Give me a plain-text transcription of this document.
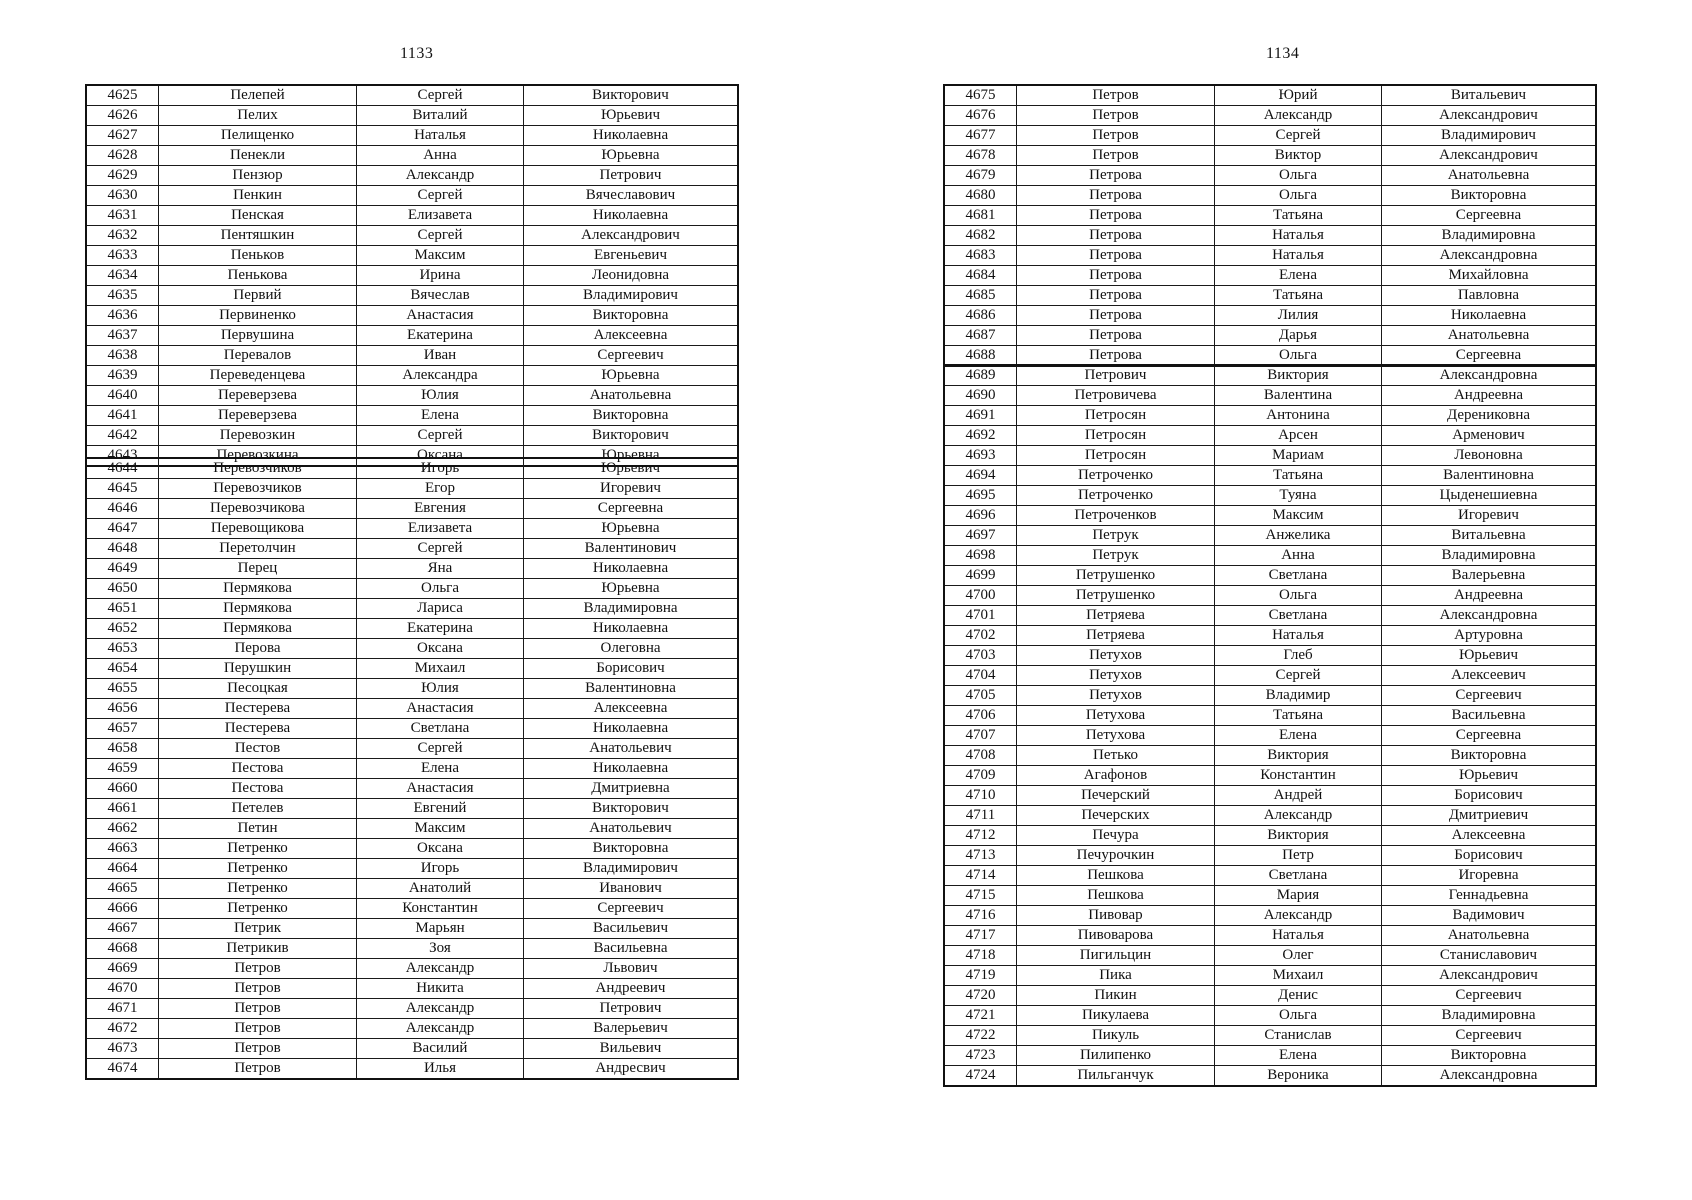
1133
4625	Пелепей	Сергей	Викторович
4626	Пелих	Виталий	Юрьевич
4627	Пелищенко	Наталья	Николаевна
4628	Пенекли	Анна	Юрьевна
4629	Пензюр	Александр	Петрович
4630	Пенкин	Сергей	Вячеславович
4631	Пенская	Елизавета	Николаевна
4632	Пентяшкин	Сергей	Александрович
4633	Пеньков	Максим	Евгеньевич
4634	Пенькова	Ирина	Леонидовна
4635	Первий	Вячеслав	Владимирович
4636	Первиненко	Анастасия	Викторовна
4637	Первушина	Екатерина	Алексеевна
4638	Перевалов	Иван	Сергеевич
4639	Переведенцева	Александра	Юрьевна
4640	Переверзева	Юлия	Анатольевна
4641	Переверзева	Елена	Викторовна
4642	Перевозкин	Сергей	Викторович
4643	Перевозкина	Оксана	Юрьевна
4644	Перевозчиков	Игорь	Юрьевич
4645	Перевозчиков	Егор	Игоревич
4646	Перевозчикова	Евгения	Сергеевна
4647	Перевощикова	Елизавета	Юрьевна
4648	Перетолчин	Сергей	Валентинович
4649	Перец	Яна	Николаевна
4650	Пермякова	Ольга	Юрьевна
4651	Пермякова	Лариса	Владимировна
4652	Пермякова	Екатерина	Николаевна
4653	Перова	Оксана	Олеговна
4654	Перушкин	Михаил	Борисович
4655	Песоцкая	Юлия	Валентиновна
4656	Пестерева	Анастасия	Алексеевна
4657	Пестерева	Светлана	Николаевна
4658	Пестов	Сергей	Анатольевич
4659	Пестова	Елена	Николаевна
4660	Пестова	Анастасия	Дмитриевна
4661	Петелев	Евгений	Викторович
4662	Петин	Максим	Анатольевич
4663	Петренко	Оксана	Викторовна
4664	Петренко	Игорь	Владимирович
4665	Петренко	Анатолий	Иванович
4666	Петренко	Константин	Сергеевич
4667	Петрик	Марьян	Васильевич
4668	Петрикив	Зоя	Васильевна
4669	Петров	Александр	Львович
4670	Петров	Никита	Андреевич
4671	Петров	Александр	Петрович
4672	Петров	Александр	Валерьевич
4673	Петров	Василий	Вильевич
4674	Петров	Илья	Андресвич
1134
4675	Петров	Юрий	Витальевич
4676	Петров	Александр	Александрович
4677	Петров	Сергей	Владимирович
4678	Петров	Виктор	Александрович
4679	Петрова	Ольга	Анатольевна
4680	Петрова	Ольга	Викторовна
4681	Петрова	Татьяна	Сергеевна
4682	Петрова	Наталья	Владимировна
4683	Петрова	Наталья	Александровна
4684	Петрова	Елена	Михайловна
4685	Петрова	Татьяна	Павловна
4686	Петрова	Лилия	Николаевна
4687	Петрова	Дарья	Анатольевна
4688	Петрова	Ольга	Сергеевна
4689	Петрович	Виктория	Александровна
4690	Петровичева	Валентина	Андреевна
4691	Петросян	Антонина	Дерениковна
4692	Петросян	Арсен	Арменович
4693	Петросян	Мариам	Левоновна
4694	Петроченко	Татьяна	Валентиновна
4695	Петроченко	Туяна	Цыденешиевна
4696	Петроченков	Максим	Игоревич
4697	Петрук	Анжелика	Витальевна
4698	Петрук	Анна	Владимировна
4699	Петрушенко	Светлана	Валерьевна
4700	Петрушенко	Ольга	Андреевна
4701	Петряева	Светлана	Александровна
4702	Петряева	Наталья	Артуровна
4703	Петухов	Глеб	Юрьевич
4704	Петухов	Сергей	Алексеевич
4705	Петухов	Владимир	Сергеевич
4706	Петухова	Татьяна	Васильевна
4707	Петухова	Елена	Сергеевна
4708	Петько	Виктория	Викторовна
4709	Агафонов	Константин	Юрьевич
4710	Печерский	Андрей	Борисович
4711	Печерских	Александр	Дмитриевич
4712	Печура	Виктория	Алексеевна
4713	Печурочкин	Петр	Борисович
4714	Пешкова	Светлана	Игоревна
4715	Пешкова	Мария	Геннадьевна
4716	Пивовар	Александр	Вадимович
4717	Пивоварова	Наталья	Анатольевна
4718	Пигильцин	Олег	Станиславович
4719	Пика	Михаил	Александрович
4720	Пикин	Денис	Сергеевич
4721	Пикулаева	Ольга	Владимировна
4722	Пикуль	Станислав	Сергеевич
4723	Пилипенко	Елена	Викторовна
4724	Пильганчук	Вероника	Александровна
